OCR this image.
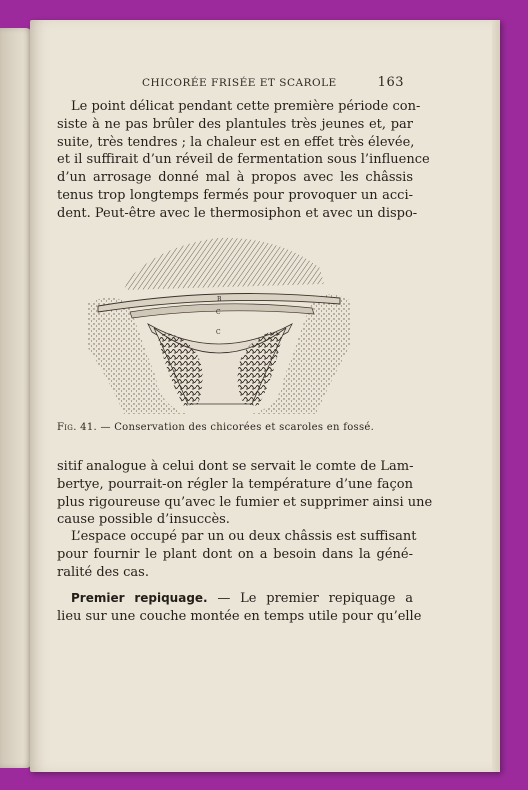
CHICORÉE FRISÉE ET SCAROLE	163
Le point délicat pendant cette première période con-
siste à ne pas brûler des plantules très jeunes et, par
suite, très tendres ; la chaleur est en effet très élevée,
et il suffirait d’un réveil de fermentation sous l’influence
d’un arrosage donné mal à propos avec les châssis
tenus trop longtemps fermés pour provoquer un acci-
dent. Peut-être avec le thermosiphon et avec un dispo-
B
C
C
Fig. 41. — Conservation des chicorées et scaroles en fossé.
sitif analogue à celui dont se servait le comte de Lam-
bertye, pourrait-on régler la température d’une façon
plus rigoureuse qu’avec le fumier et supprimer ainsi une
cause possible d’insuccès.
L’espace occupé par un ou deux châssis est suffisant
pour fournir le plant dont on a besoin dans la géné-
ralité des cas.
Premier repiquage. — Le premier repiquage a
lieu sur une couche montée en temps utile pour qu’elle
